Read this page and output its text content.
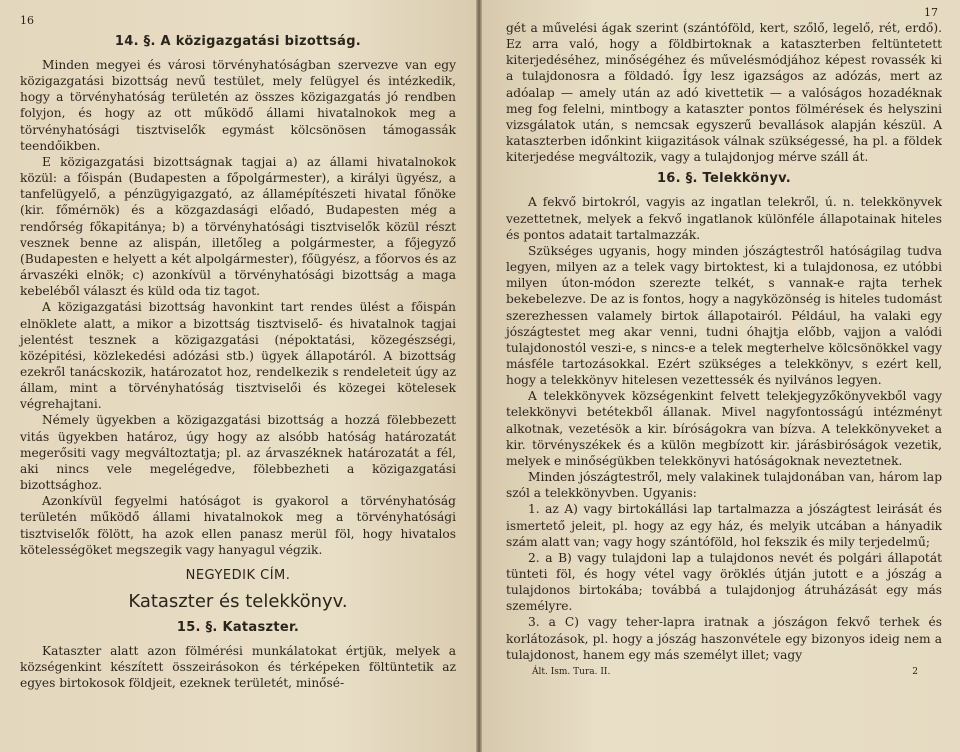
16
14. §. A közigazgatási bizottság.

Minden megyei és városi törvényhatóságban szervezve van egy közigazgatási bizottság nevű testület, mely felügyel és intézkedik, hogy a törvényhatóság területén az összes közigazgatás jó rendben folyjon, és hogy az ott működő állami hivatalnokok meg a törvényhatósági tisztviselők egymást kölcsönösen támogassák teendőikben.

E közigazgatási bizottságnak tagjai a) az állami hivatalnokok közül: a főispán (Budapesten a főpolgármester), a királyi ügyész, a tanfelügyelő, a pénzügyigazgató, az államépítészeti hivatal főnöke (kir. főmérnök) és a közgazdasági előadó, Budapesten még a rendőrség főkapitánya; b) a törvényhatósági tisztviselők közül részt vesznek benne az alispán, illetőleg a polgármester, a főjegyző (Budapesten e helyett a két alpolgármester), főügyész, a főorvos és az árvaszéki elnök; c) azonkívül a törvényhatósági bizottság a maga kebeléből választ és küld oda tiz tagot.

A közigazgatási bizottság havonkint tart rendes ülést a főispán elnöklete alatt, a mikor a bizottság tisztviselő- és hivatalnok tagjai jelentést tesznek a közigazgatási (népoktatási, közegészségi, középitési, közlekedési adózási stb.) ügyek állapotáról. A bizottság ezekről tanácskozik, határozatot hoz, rendelkezik s rendeleteit úgy az állam, mint a törvényhatóság tisztviselői és közegei kötelesek végrehajtani.

Némely ügyekben a közigazgatási bizottság a hozzá fölebbezett vitás ügyekben határoz, úgy hogy az alsóbb hatóság határozatát megerősiti vagy megváltoztatja; pl. az árvaszéknek határozatát a fél, aki nincs vele megelégedve, fölebbezheti a közigazgatási bizottsághoz.

Azonkívül fegyelmi hatóságot is gyakorol a törvényhatóság területén működő állami hivatalnokok meg a törvényhatósági tisztviselők fölött, ha azok ellen panasz merül föl, hogy hivatalos kötelességöket megszegik vagy hanyagul végzik.

NEGYEDIK CÍM.
Kataszter és telekkönyv.
15. §. Kataszter.

Kataszter alatt azon fölmérési munkálatokat értjük, melyek a községenkint készített összeirásokon és térképeken föltüntetik az egyes birtokosok földjeit, ezeknek területét, minősé-

17

gét a művelési ágak szerint (szántóföld, kert, szőlő, legelő, rét, erdő). Ez arra való, hogy a földbirtoknak a kataszterben feltüntetett kiterjedéséhez, minőségéhez és művelésmódjához képest rovassék ki a tulajdonosra a földadó. Így lesz igazságos az adózás, mert az adóalap — amely után az adó kivettetik — a valóságos hozadéknak meg fog felelni, mintbogy a kataszter pontos fölmérések és helyszini vizsgálatok után, s nemcsak egyszerű bevallások alapján készül. A kataszterben időnkint kiigazitások válnak szükségessé, ha pl. a földek kiterjedése megváltozik, vagy a tulajdonjog mérve száll át.

16. §. Telekkönyv.

A fekvő birtokról, vagyis az ingatlan telekről, ú. n. telekkönyvek vezettetnek, melyek a fekvő ingatlanok különféle állapotainak hiteles és pontos adatait tartalmazzák.

Szükséges ugyanis, hogy minden jószágtestről hatóságilag tudva legyen, milyen az a telek vagy birtoktest, ki a tulajdonosa, ez utóbbi milyen úton-módon szerezte telkét, s vannak-e rajta terhek bekebelezve. De az is fontos, hogy a nagyközönség is hiteles tudomást szerezhessen valamely birtok állapotairól. Például, ha valaki egy jószágtestet meg akar venni, tudni óhajtja előbb, vajjon a valódi tulajdonostól veszi-e, s nincs-e a telek megterhelve kölcsönökkel vagy másféle tartozásokkal. Ezért szükséges a telekkönyv, s ezért kell, hogy a telekkönyv hitelesen vezettessék és nyilvános legyen.

A telekkönyvek községenkint felvett telekjegyzőkönyvekből vagy telekkönyvi betétekből állanak. Mivel nagyfontosságú intézményt alkotnak, vezetésök a kir. bíróságokra van bízva. A telekkönyveket a kir. törvényszékek és a külön megbízott kir. járásbiróságok vezetik, melyek e minőségükben telekkönyvi hatóságoknak neveztetnek.

Minden jószágtestről, mely valakinek tulajdonában van, három lap szól a telekkönyvben. Ugyanis:

1. az A) vagy birtokállási lap tartalmazza a jószágtest leirását és ismertető jeleit, pl. hogy az egy ház, és melyik utcában a hányadik szám alatt van; vagy hogy szántóföld, hol fekszik és mily terjedelmű;

2. a B) vagy tulajdoni lap a tulajdonos nevét és polgári állapotát tünteti föl, és hogy vétel vagy öröklés útján jutott e a jószág a tulajdonos birtokába; továbbá a tulajdonjog átruházását egy más személyre.

3. a C) vagy teher-lapra iratnak a jószágon fekvő terhek és korlátozások, pl. hogy a jószág haszonvétele egy bizonyos ideig nem a tulajdonost, hanem egy más személyt illet; vagy

Ált. Ism. Tura. II.	2
